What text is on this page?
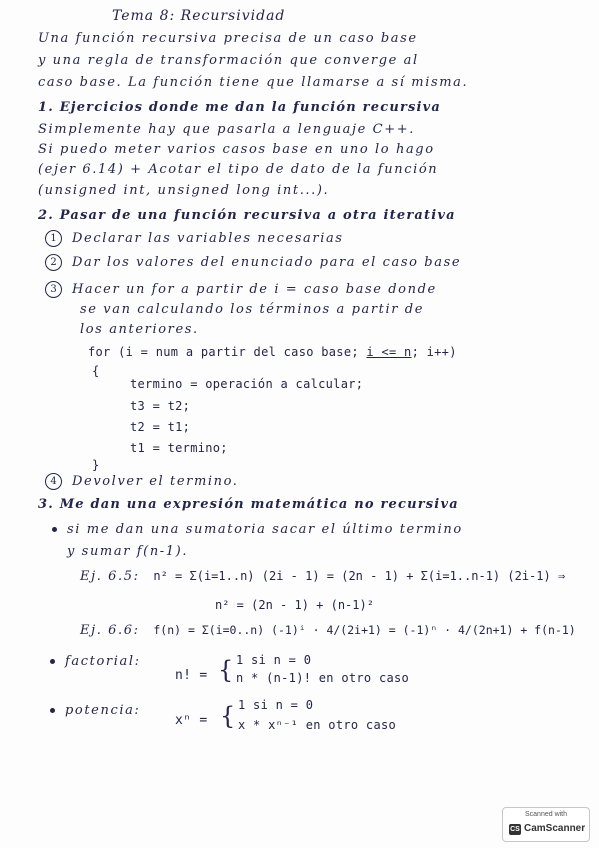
Tema 8: Recursividad
Una función recursiva precisa de un caso base
y una regla de transformación que converge al
caso base. La función tiene que llamarse a sí misma.
1. Ejercicios donde me dan la función recursiva
Simplemente hay que pasarla a lenguaje C++.
Si puedo meter varios casos base en uno lo hago
(ejer 6.14) + Acotar el tipo de dato de la función
(unsigned int, unsigned long int...).
2. Pasar de una función recursiva a otra iterativa
1 Declarar las variables necesarias
2 Dar los valores del enunciado para el caso base
3 Hacer un for a partir de i = caso base donde
se van calculando los términos a partir de
los anteriores.
for (i = num a partir del caso base; i <= n; i++)
{
termino = operación a calcular;
t3 = t2;
t2 = t1;
t1 = termino;
}
4 Devolver el termino.
3. Me dan una expresión matemática no recursiva
si me dan una sumatoria sacar el último termino
y sumar f(n-1).
Ej. 6.5: n² = Σ(i=1..n) (2i - 1) = (2n - 1) + Σ(i=1..n-1) (2i-1) ⇒
n² = (2n - 1) + (n-1)²
Ej. 6.6: f(n) = Σ(i=0..n) (-1)ⁱ · 4/(2i+1) = (-1)ⁿ · 4/(2n+1) + f(n-1)
factorial:
n! = { 1 si n = 0
n * (n-1)! en otro caso
potencia:
xⁿ = { 1 si n = 0
x * xⁿ⁻¹ en otro caso
Scanned with
CS CamScanner
